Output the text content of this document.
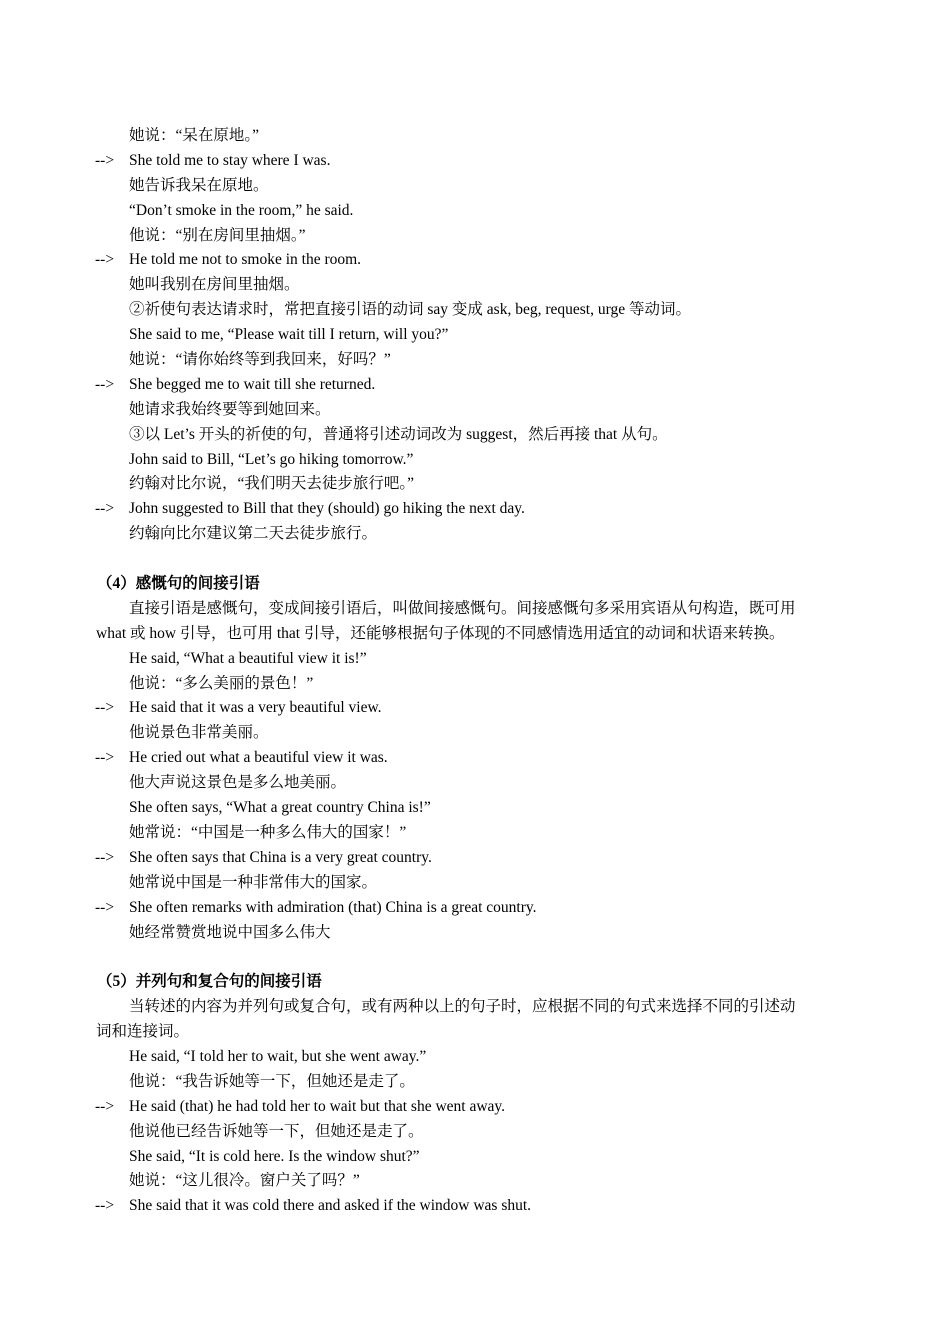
她说：“呆在原地。”
--> She told me to stay where I was.
她告诉我呆在原地。
“Don’t smoke in the room,” he said.
他说：“别在房间里抽烟。”
--> He told me not to smoke in the room.
她叫我别在房间里抽烟。
②祈使句表达请求时，常把直接引语的动词 say 变成 ask, beg, request, urge 等动词。
She said to me, “Please wait till I return, will you?”
她说：“请你始终等到我回来，好吗？”
--> She begged me to wait till she returned.
她请求我始终要等到她回来。
③以 Let’s 开头的祈使的句，普通将引述动词改为 suggest，然后再接 that 从句。
John said to Bill, “Let’s go hiking tomorrow.”
约翰对比尔说，“我们明天去徒步旅行吧。”
--> John suggested to Bill that they (should) go hiking the next day.
约翰向比尔建议第二天去徒步旅行。
（4）感慨句的间接引语
直接引语是感慨句，变成间接引语后，叫做间接感慨句。间接感慨句多采用宾语从句构造，既可用
what 或 how 引导，也可用 that 引导，还能够根据句子体现的不同感情选用适宜的动词和状语来转换。
He said, “What a beautiful view it is!”
他说：“多么美丽的景色！”
--> He said that it was a very beautiful view.
他说景色非常美丽。
--> He cried out what a beautiful view it was.
他大声说这景色是多么地美丽。
She often says, “What a great country China is!”
她常说：“中国是一种多么伟大的国家！”
--> She often says that China is a very great country.
她常说中国是一种非常伟大的国家。
--> She often remarks with admiration (that) China is a great country.
她经常赞赏地说中国多么伟大
（5）并列句和复合句的间接引语
当转述的内容为并列句或复合句，或有两种以上的句子时，应根据不同的句式来选择不同的引述动
词和连接词。
He said, “I told her to wait, but she went away.”
他说：“我告诉她等一下，但她还是走了。
--> He said (that) he had told her to wait but that she went away.
他说他已经告诉她等一下，但她还是走了。
She said, “It is cold here. Is the window shut?”
她说：“这儿很冷。窗户关了吗？”
--> She said that it was cold there and asked if the window was shut.
